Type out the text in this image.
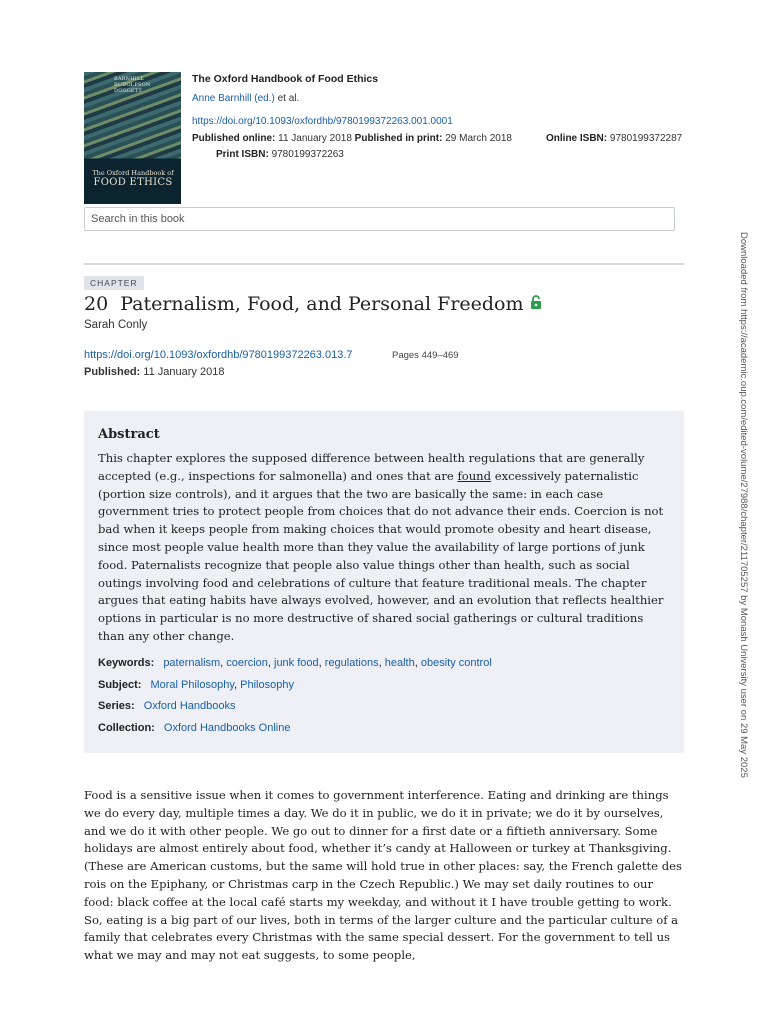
BARNHILL
BUDOLFSON
DOGGETT
The Oxford Handbook of
FOOD ETHICS
The Oxford Handbook of Food Ethics
Anne Barnhill (ed.) et al.
https://doi.org/10.1093/oxfordhb/9780199372263.001.0001
Published online: 11 January 2018 Published in print: 29 March 2018	Online ISBN: 9780199372287
Print ISBN: 9780199372263
Search in this book
CHAPTER
20 Paternalism, Food, and Personal Freedom
Sarah Conly
https://doi.org/10.1093/oxfordhb/9780199372263.013.7	Pages 449–469
Published: 11 January 2018
Abstract

This chapter explores the supposed difference between health regulations that are generally accepted (e.g., inspections for salmonella) and ones that are found excessively paternalistic (portion size controls), and it argues that the two are basically the same: in each case government tries to protect people from choices that do not advance their ends. Coercion is not bad when it keeps people from making choices that would promote obesity and heart disease, since most people value health more than they value the availability of large portions of junk food. Paternalists recognize that people also value things other than health, such as social outings involving food and celebrations of culture that feature traditional meals. The chapter argues that eating habits have always evolved, however, and an evolution that reflects healthier options in particular is no more destructive of shared social gatherings or cultural traditions than any other change.

Keywords: paternalism, coercion, junk food, regulations, health, obesity control
Subject: Moral Philosophy, Philosophy
Series: Oxford Handbooks
Collection: Oxford Handbooks Online

Food is a sensitive issue when it comes to government interference. Eating and drinking are things we do every day, multiple times a day. We do it in public, we do it in private; we do it by ourselves, and we do it with other people. We go out to dinner for a first date or a fiftieth anniversary. Some holidays are almost entirely about food, whether it’s candy at Halloween or turkey at Thanksgiving. (These are American customs, but the same will hold true in other places: say, the French galette des rois on the Epiphany, or Christmas carp in the Czech Republic.) We may set daily routines to our food: black coffee at the local café starts my weekday, and without it I have trouble getting to work. So, eating is a big part of our lives, both in terms of the larger culture and the particular culture of a family that celebrates every Christmas with the same special dessert. For the government to tell us what we may and may not eat suggests, to some people,

Downloaded from https://academic.oup.com/edited-volume/27988/chapter/211705257 by Monash University user on 29 May 2025
